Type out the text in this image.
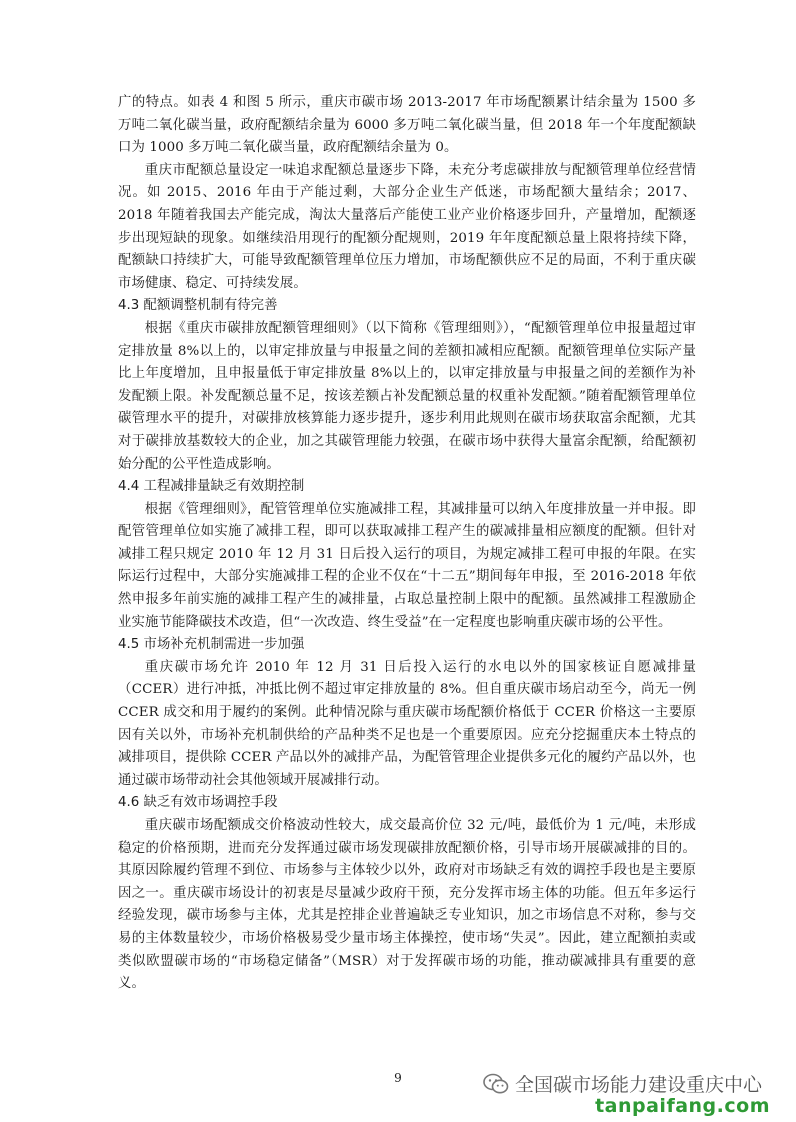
广的特点。如表 4 和图 5 所示，重庆市碳市场 2013-2017 年市场配额累计结余量为 1500 多万吨二氧化碳当量，政府配额结余量为 6000 多万吨二氧化碳当量，但 2018 年一个年度配额缺口为 1000 多万吨二氧化碳当量，政府配额结余量为 0。

重庆市配额总量设定一味追求配额总量逐步下降，未充分考虑碳排放与配额管理单位经营情况。如 2015、2016 年由于产能过剩，大部分企业生产低迷，市场配额大量结余；2017、2018 年随着我国去产能完成，淘汰大量落后产能使工业产业价格逐步回升，产量增加，配额逐步出现短缺的现象。如继续沿用现行的配额分配规则，2019 年年度配额总量上限将持续下降，配额缺口持续扩大，可能导致配额管理单位压力增加，市场配额供应不足的局面，不利于重庆碳市场健康、稳定、可持续发展。

4.3 配额调整机制有待完善

根据《重庆市碳排放配额管理细则》（以下简称《管理细则》），“配额管理单位申报量超过审定排放量 8%以上的，以审定排放量与申报量之间的差额扣减相应配额。配额管理单位实际产量比上年度增加，且申报量低于审定排放量 8%以上的，以审定排放量与申报量之间的差额作为补发配额上限。补发配额总量不足，按该差额占补发配额总量的权重补发配额。”随着配额管理单位碳管理水平的提升，对碳排放核算能力逐步提升，逐步利用此规则在碳市场获取富余配额，尤其对于碳排放基数较大的企业，加之其碳管理能力较强，在碳市场中获得大量富余配额，给配额初始分配的公平性造成影响。

4.4 工程减排量缺乏有效期控制

根据《管理细则》，配管管理单位实施减排工程，其减排量可以纳入年度排放量一并申报。即配管管理单位如实施了减排工程，即可以获取减排工程产生的碳减排量相应额度的配额。但针对减排工程只规定 2010 年 12 月 31 日后投入运行的项目，为规定减排工程可申报的年限。在实际运行过程中，大部分实施减排工程的企业不仅在“十二五”期间每年申报，至 2016-2018 年依然申报多年前实施的减排工程产生的减排量，占取总量控制上限中的配额。虽然减排工程激励企业实施节能降碳技术改造，但“一次改造、终生受益”在一定程度也影响重庆碳市场的公平性。

4.5 市场补充机制需进一步加强

重庆碳市场允许 2010 年 12 月 31 日后投入运行的水电以外的国家核证自愿减排量（CCER）进行冲抵，冲抵比例不超过审定排放量的 8%。但自重庆碳市场启动至今，尚无一例 CCER 成交和用于履约的案例。此种情况除与重庆碳市场配额价格低于 CCER 价格这一主要原因有关以外，市场补充机制供给的产品种类不足也是一个重要原因。应充分挖掘重庆本土特点的减排项目，提供除 CCER 产品以外的减排产品，为配管管理企业提供多元化的履约产品以外，也通过碳市场带动社会其他领域开展减排行动。

4.6 缺乏有效市场调控手段

重庆碳市场配额成交价格波动性较大，成交最高价位 32 元/吨，最低价为 1 元/吨，未形成稳定的价格预期，进而充分发挥通过碳市场发现碳排放配额价格，引导市场开展碳减排的目的。其原因除履约管理不到位、市场参与主体较少以外，政府对市场缺乏有效的调控手段也是主要原因之一。重庆碳市场设计的初衷是尽量减少政府干预，充分发挥市场主体的功能。但五年多运行经验发现，碳市场参与主体，尤其是控排企业普遍缺乏专业知识，加之市场信息不对称，参与交易的主体数量较少，市场价格极易受少量市场主体操控，使市场“失灵”。因此，建立配额拍卖或类似欧盟碳市场的“市场稳定储备”（MSR）对于发挥碳市场的功能，推动碳减排具有重要的意义。

9	全国碳市场能力建设重庆中心
tanpaifang.com
